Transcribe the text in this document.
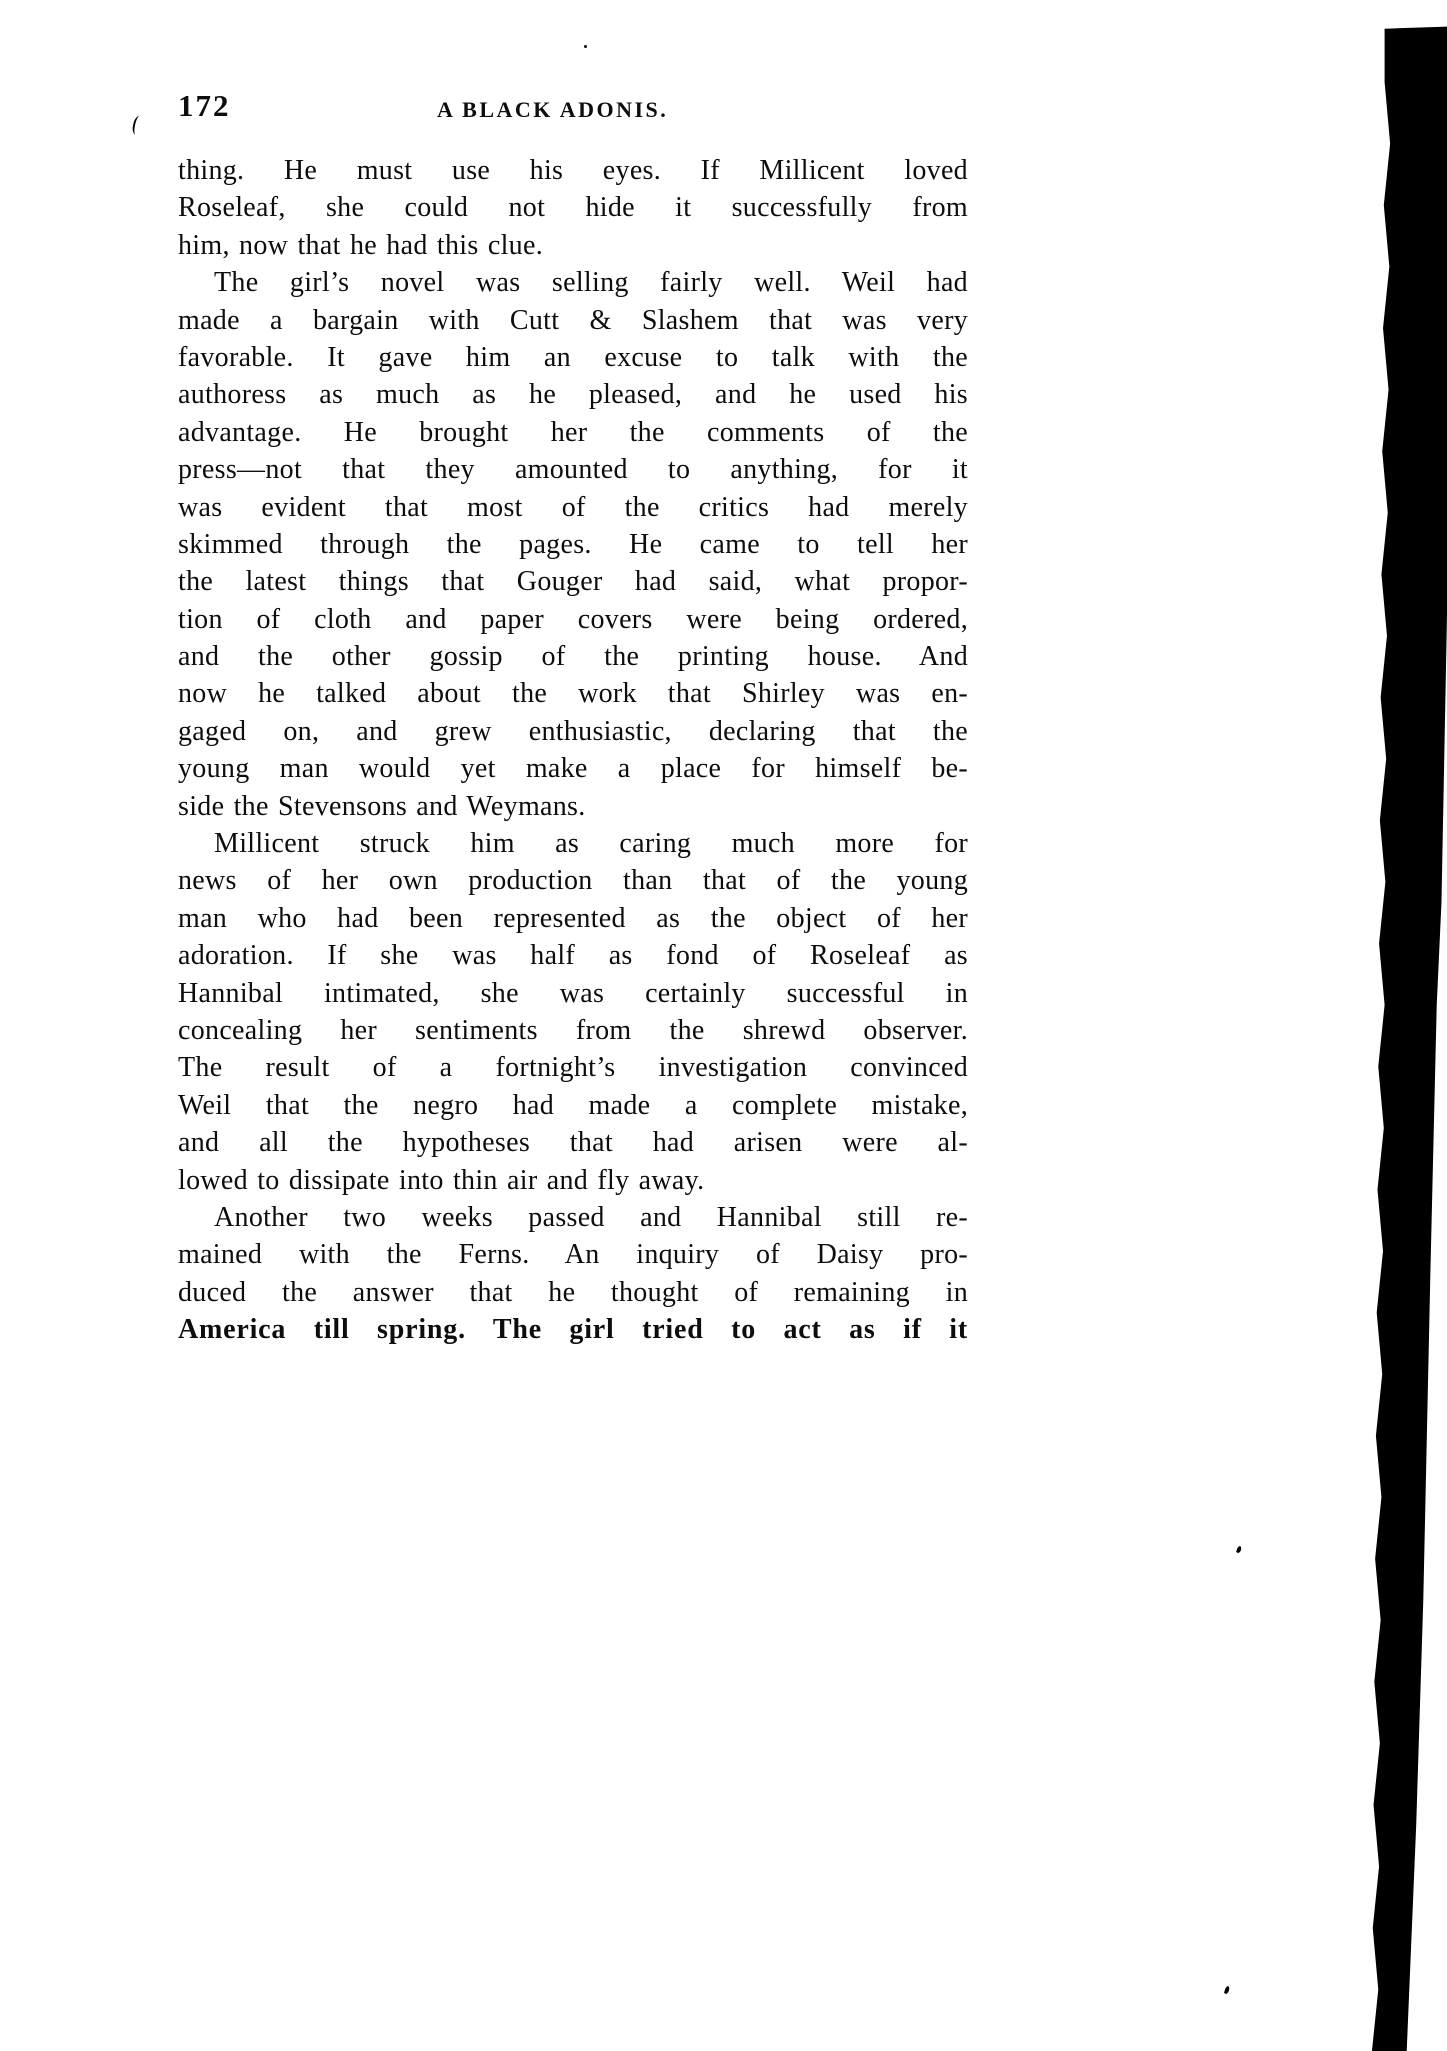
172	A BLACK ADONIS.
thing. He must use his eyes. If Millicent loved
Roseleaf, she could not hide it successfully from
him, now that he had this clue.
The girl’s novel was selling fairly well. Weil had
made a bargain with Cutt & Slashem that was very
favorable. It gave him an excuse to talk with the
authoress as much as he pleased, and he used his
advantage. He brought her the comments of the
press—not that they amounted to anything, for it
was evident that most of the critics had merely
skimmed through the pages. He came to tell her
the latest things that Gouger had said, what propor-
tion of cloth and paper covers were being ordered,
and the other gossip of the printing house. And
now he talked about the work that Shirley was en-
gaged on, and grew enthusiastic, declaring that the
young man would yet make a place for himself be-
side the Stevensons and Weymans.
Millicent struck him as caring much more for
news of her own production than that of the young
man who had been represented as the object of her
adoration. If she was half as fond of Roseleaf as
Hannibal intimated, she was certainly successful in
concealing her sentiments from the shrewd observer.
The result of a fortnight’s investigation convinced
Weil that the negro had made a complete mistake,
and all the hypotheses that had arisen were al-
lowed to dissipate into thin air and fly away.
Another two weeks passed and Hannibal still re-
mained with the Ferns. An inquiry of Daisy pro-
duced the answer that he thought of remaining in
America till spring. The girl tried to act as if it
